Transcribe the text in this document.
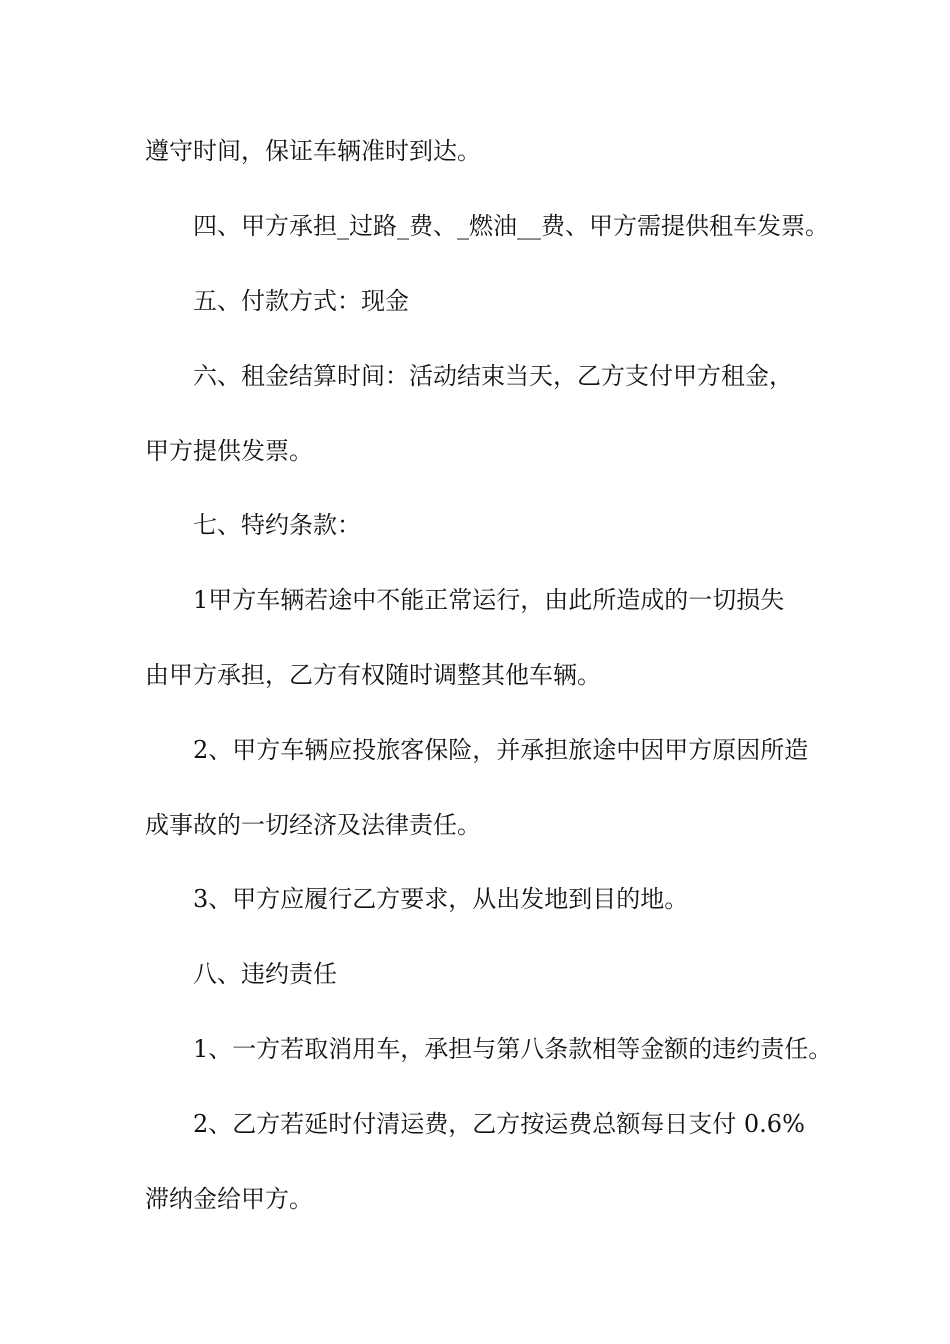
遵守时间，保证车辆准时到达。

四、甲方承担_过路_费、_燃油__费、甲方需提供租车发票。

五、付款方式：现金

六、租金结算时间：活动结束当天，乙方支付甲方租金，

甲方提供发票。

七、特约条款：

1甲方车辆若途中不能正常运行，由此所造成的一切损失

由甲方承担，乙方有权随时调整其他车辆。

2、甲方车辆应投旅客保险，并承担旅途中因甲方原因所造

成事故的一切经济及法律责任。

3、甲方应履行乙方要求，从出发地到目的地。

八、违约责任

1、一方若取消用车，承担与第八条款相等金额的违约责任。

2、乙方若延时付清运费，乙方按运费总额每日支付 0.6%

滞纳金给甲方。
